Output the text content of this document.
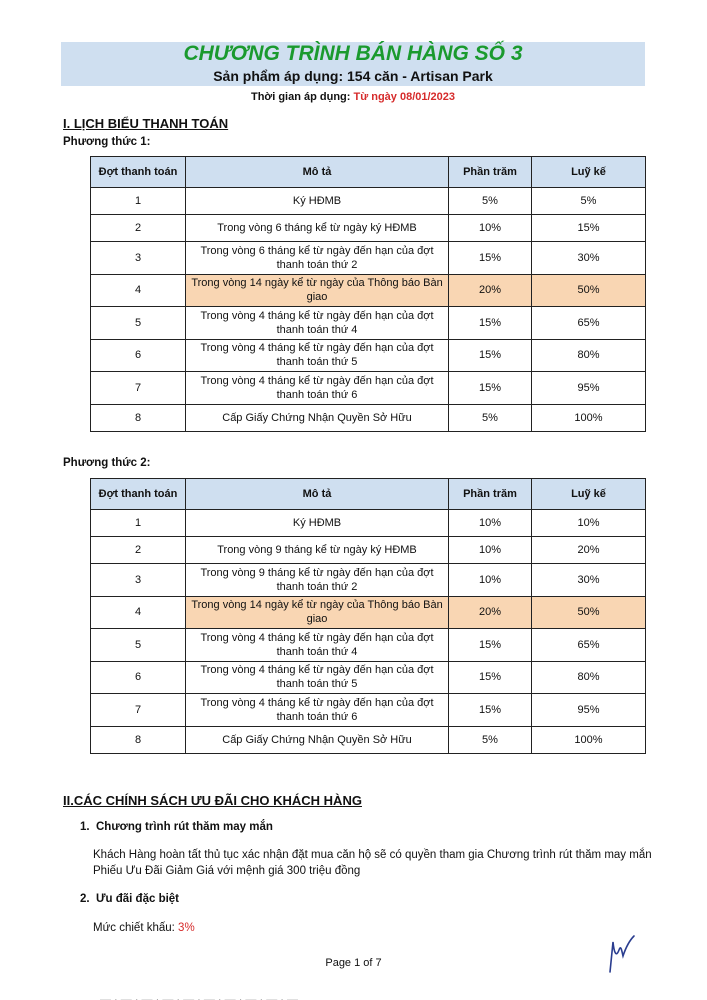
CHƯƠNG TRÌNH BÁN HÀNG SỐ 3
Sản phẩm áp dụng: 154 căn - Artisan Park
Thời gian áp dụng: Từ ngày 08/01/2023
I. LỊCH BIỂU THANH TOÁN
Phương thức 1:
Đợt thanh toán	Mô tả	Phần trăm	Luỹ kế
1	Ký HĐMB	5%	5%
2	Trong vòng 6 tháng kể từ ngày ký HĐMB	10%	15%
3	Trong vòng 6 tháng kể từ ngày đến hạn của đợt thanh toán thứ 2	15%	30%
4	Trong vòng 14 ngày kể từ ngày của Thông báo Bàn giao	20%	50%
5	Trong vòng 4 tháng kể từ ngày đến hạn của đợt thanh toán thứ 4	15%	65%
6	Trong vòng 4 tháng kể từ ngày đến hạn của đợt thanh toán thứ 5	15%	80%
7	Trong vòng 4 tháng kể từ ngày đến hạn của đợt thanh toán thứ 6	15%	95%
8	Cấp Giấy Chứng Nhận Quyền Sở Hữu	5%	100%
Phương thức 2:
Đợt thanh toán	Mô tả	Phần trăm	Luỹ kế
1	Ký HĐMB	10%	10%
2	Trong vòng 9 tháng kể từ ngày ký HĐMB	10%	20%
3	Trong vòng 9 tháng kể từ ngày đến hạn của đợt thanh toán thứ 2	10%	30%
4	Trong vòng 14 ngày kể từ ngày của Thông báo Bàn giao	20%	50%
5	Trong vòng 4 tháng kể từ ngày đến hạn của đợt thanh toán thứ 4	15%	65%
6	Trong vòng 4 tháng kể từ ngày đến hạn của đợt thanh toán thứ 5	15%	80%
7	Trong vòng 4 tháng kể từ ngày đến hạn của đợt thanh toán thứ 6	15%	95%
8	Cấp Giấy Chứng Nhận Quyền Sở Hữu	5%	100%
II.CÁC CHÍNH SÁCH ƯU ĐÃI CHO KHÁCH HÀNG
1. Chương trình rút thăm may mắn
Khách Hàng hoàn tất thủ tục xác nhận đặt mua căn hộ sẽ có quyền tham gia Chương trình rút thăm may mắn Phiếu Ưu Đãi Giảm Giá với mệnh giá 300 triệu đồng
2. Ưu đãi đặc biệt
Mức chiết khấu: 3%
Page 1 of 7
— · — · — · — · — · — · — · — · — · —
